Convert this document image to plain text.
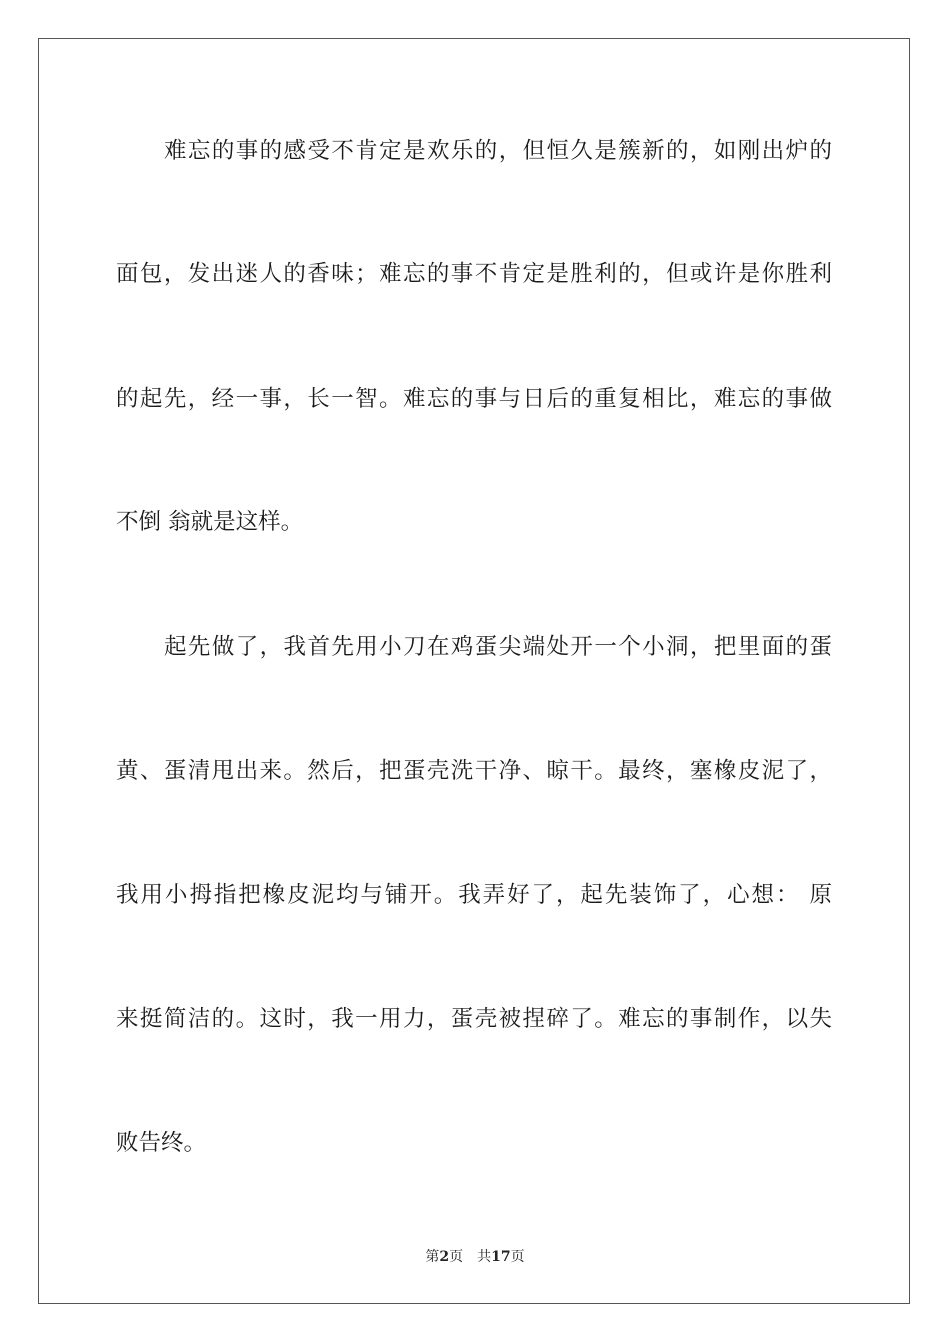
难忘的事的感受不肯定是欢乐的，但恒久是簇新的，如刚出炉的
面包，发出迷人的香味；难忘的事不肯定是胜利的，但或许是你胜利
的起先，经一事，长一智。难忘的事与日后的重复相比，难忘的事做
不倒 翁就是这样。
起先做了，我首先用小刀在鸡蛋尖端处开一个小洞，把里面的蛋
黄、蛋清甩出来。然后，把蛋壳洗干净、晾干。最终，塞橡皮泥了，
我用小拇指把橡皮泥均与铺开。我弄好了，起先装饰了，心想： 原
来挺简洁的。这时，我一用力，蛋壳被捏碎了。难忘的事制作，以失
败告终。
第2页 共17页
